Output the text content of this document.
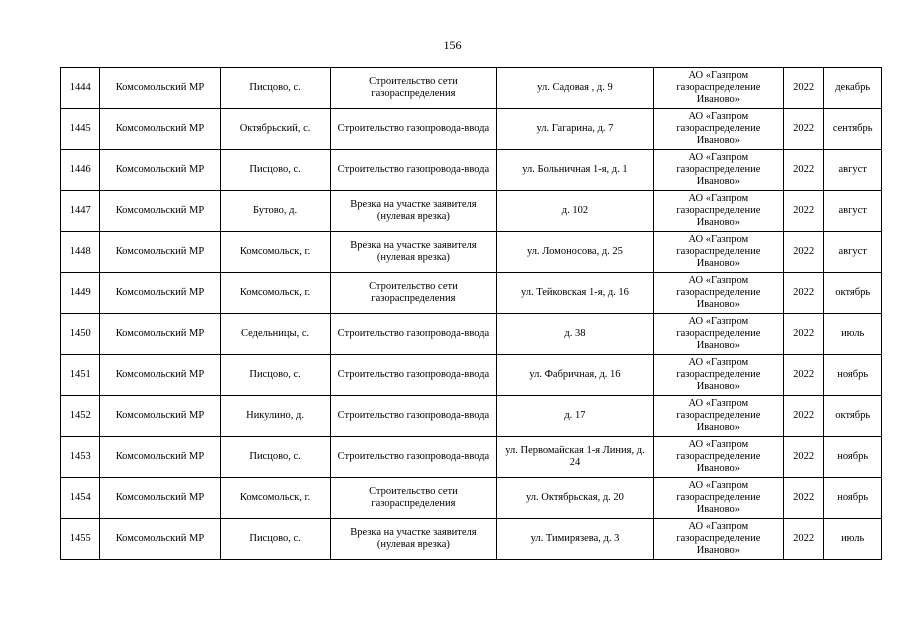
156
1444	Комсомольский МР	Писцово, с.	Строительство сети газораспределения	ул. Садовая , д. 9	АО «Газпром газораспределение Иваново»	2022	декабрь
1445	Комсомольский МР	Октябрьский, с.	Строительство газопровода-ввода	ул. Гагарина, д. 7	АО «Газпром газораспределение Иваново»	2022	сентябрь
1446	Комсомольский МР	Писцово, с.	Строительство газопровода-ввода	ул. Больничная 1-я, д. 1	АО «Газпром газораспределение Иваново»	2022	август
1447	Комсомольский МР	Бутово, д.	Врезка на участке заявителя (нулевая врезка)	д. 102	АО «Газпром газораспределение Иваново»	2022	август
1448	Комсомольский МР	Комсомольск, г.	Врезка на участке заявителя (нулевая врезка)	ул. Ломоносова, д. 25	АО «Газпром газораспределение Иваново»	2022	август
1449	Комсомольский МР	Комсомольск, г.	Строительство сети газораспределения	ул. Тейковская 1-я, д. 16	АО «Газпром газораспределение Иваново»	2022	октябрь
1450	Комсомольский МР	Седельницы, с.	Строительство газопровода-ввода	д. 38	АО «Газпром газораспределение Иваново»	2022	июль
1451	Комсомольский МР	Писцово, с.	Строительство газопровода-ввода	ул. Фабричная, д. 16	АО «Газпром газораспределение Иваново»	2022	ноябрь
1452	Комсомольский МР	Никулино, д.	Строительство газопровода-ввода	д. 17	АО «Газпром газораспределение Иваново»	2022	октябрь
1453	Комсомольский МР	Писцово, с.	Строительство газопровода-ввода	ул. Первомайская 1-я Линия, д. 24	АО «Газпром газораспределение Иваново»	2022	ноябрь
1454	Комсомольский МР	Комсомольск, г.	Строительство сети газораспределения	ул. Октябрьская, д. 20	АО «Газпром газораспределение Иваново»	2022	ноябрь
1455	Комсомольский МР	Писцово, с.	Врезка на участке заявителя (нулевая врезка)	ул. Тимирязева, д. 3	АО «Газпром газораспределение Иваново»	2022	июль
